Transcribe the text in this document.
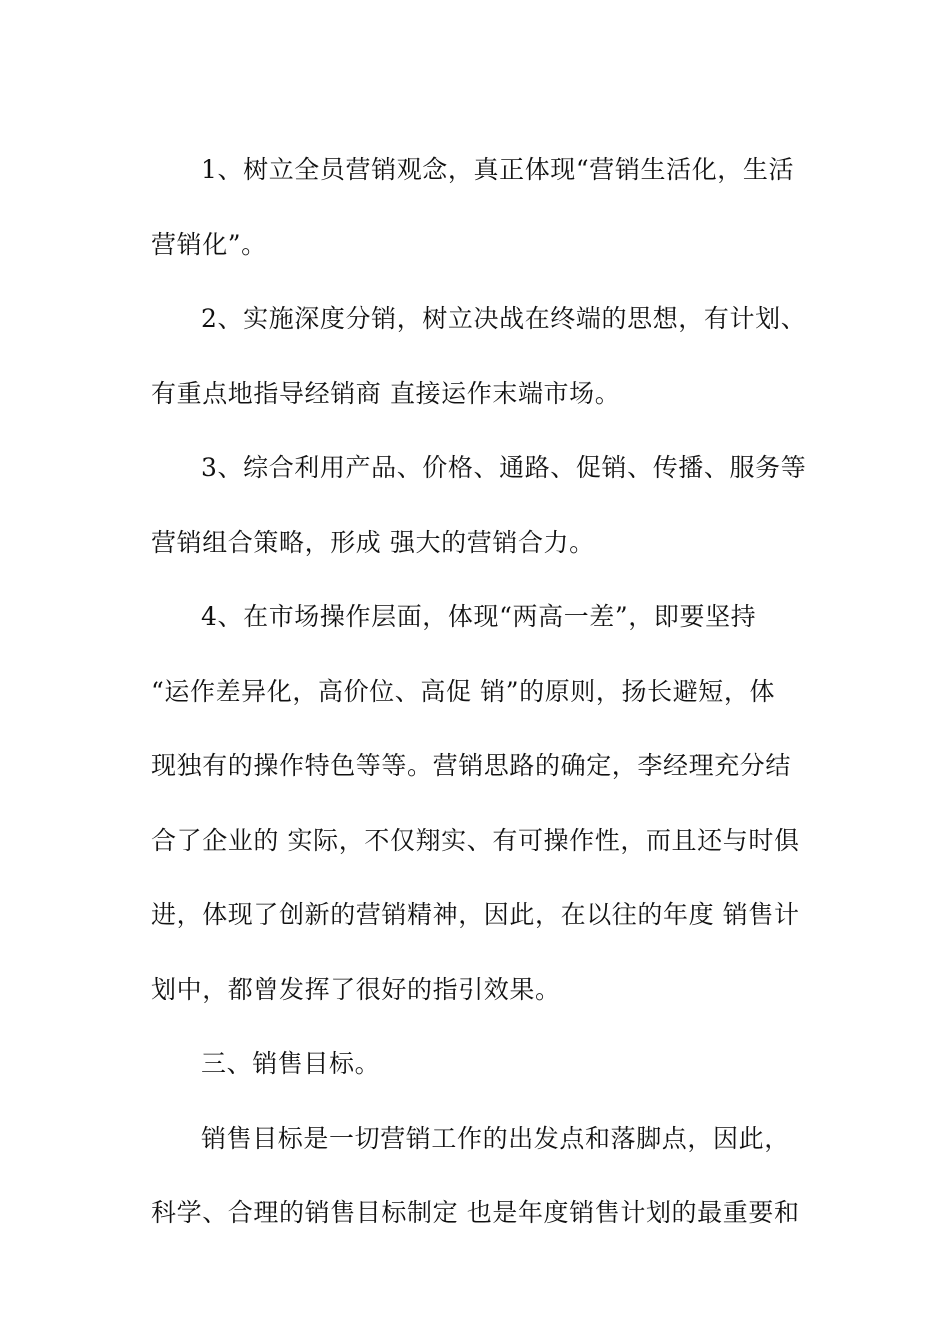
1、树立全员营销观念，真正体现“营销生活化，生活
营销化”。

2、实施深度分销，树立决战在终端的思想，有计划、
有重点地指导经销商 直接运作末端市场。

3、综合利用产品、价格、通路、促销、传播、服务等
营销组合策略，形成 强大的营销合力。

4、在市场操作层面，体现“两高一差”，即要坚持
“运作差异化，高价位、高促 销”的原则，扬长避短，体
现独有的操作特色等等。营销思路的确定，李经理充分结
合了企业的 实际，不仅翔实、有可操作性，而且还与时俱
进，体现了创新的营销精神，因此，在以往的年度 销售计
划中，都曾发挥了很好的指引效果。

三、销售目标。

销售目标是一切营销工作的出发点和落脚点，因此，
科学、合理的销售目标制定 也是年度销售计划的最重要和
